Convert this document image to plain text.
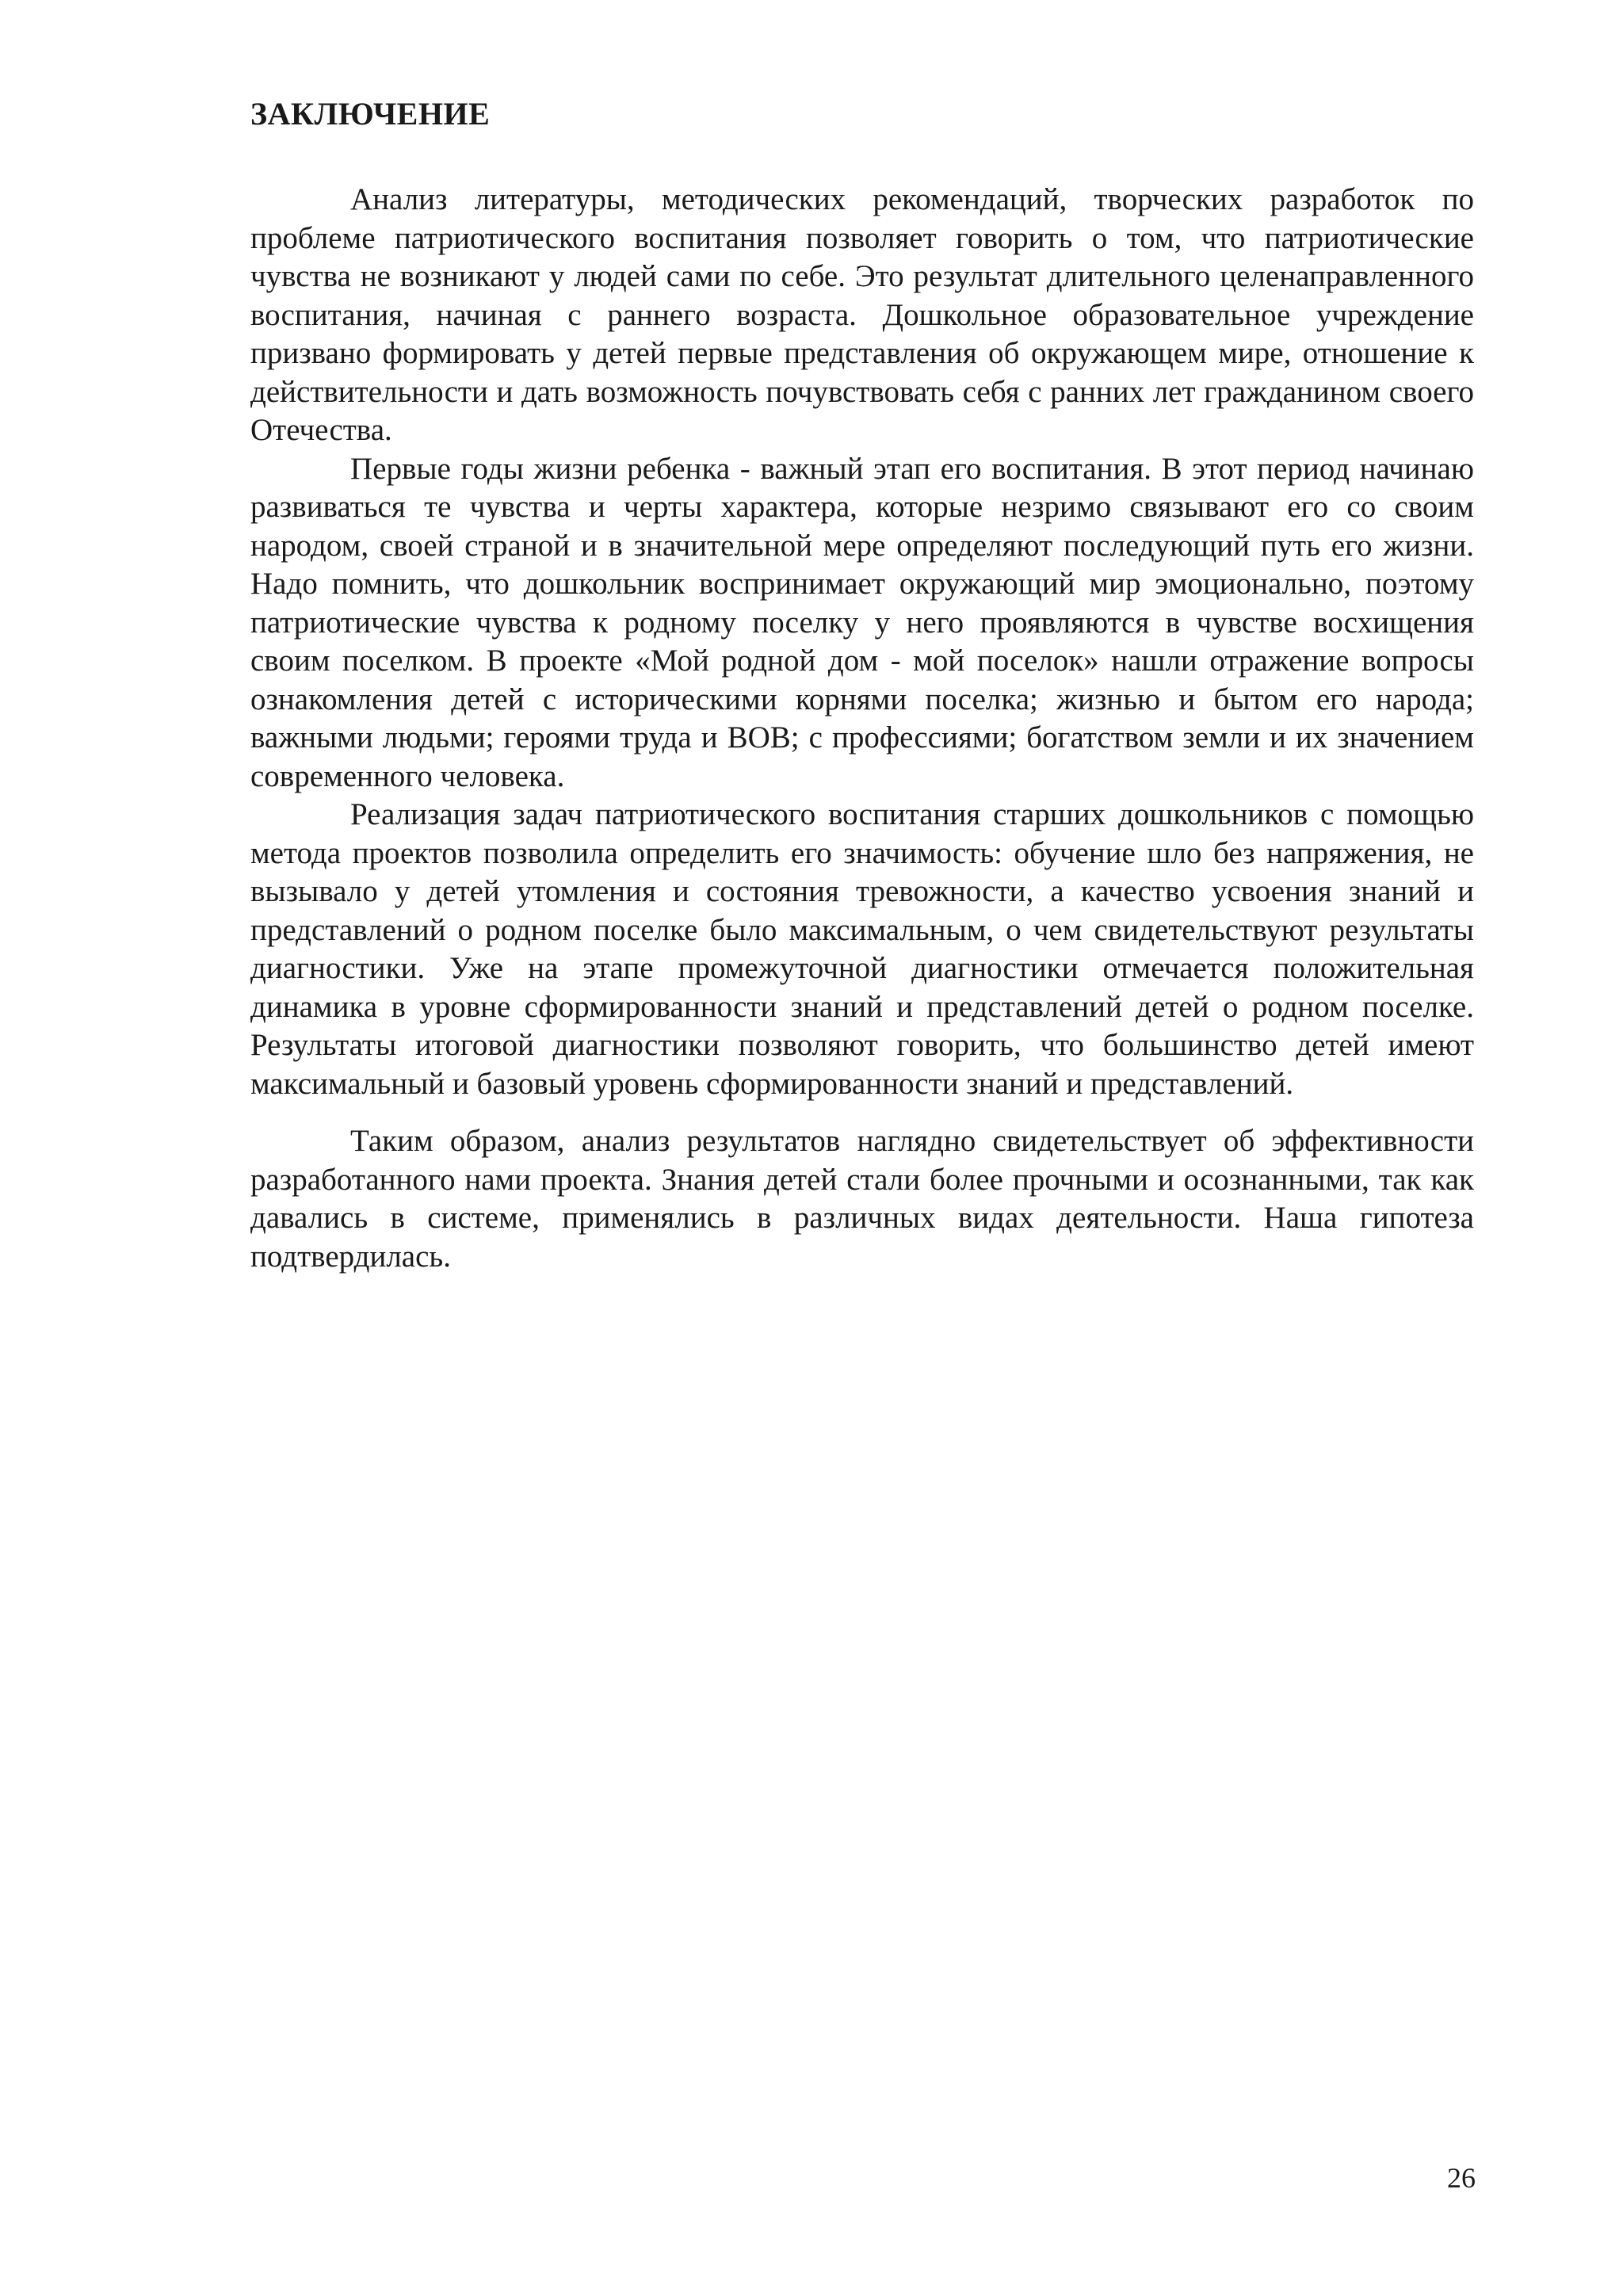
ЗАКЛЮЧЕНИЕ

Анализ литературы, методических рекомендаций, творческих разработок по проблеме патриотического воспитания позволяет говорить о том, что патриотические чувства не возникают у людей сами по себе. Это результат длительного целенаправленного воспитания, начиная с раннего возраста. Дошкольное образовательное учреждение призвано формировать у детей первые представления об окружающем мире, отношение к действительности и дать возможность почувствовать себя с ранних лет гражданином своего Отечества.

Первые годы жизни ребенка - важный этап его воспитания. В этот период начинаю развиваться те чувства и черты характера, которые незримо связывают его со своим народом, своей страной и в значительной мере определяют последующий путь его жизни. Надо помнить, что дошкольник воспринимает окружающий мир эмоционально, поэтому патриотические чувства к родному поселку у него проявляются в чувстве восхищения своим поселком. В проекте «Мой родной дом - мой поселок» нашли отражение вопросы ознакомления детей с историческими корнями поселка; жизнью и бытом его народа; важными людьми; героями труда и ВОВ; с профессиями; богатством земли и их значением современного человека.

Реализация задач патриотического воспитания старших дошкольников с помощью метода проектов позволила определить его значимость: обучение шло без напряжения, не вызывало у детей утомления и состояния тревожности, а качество усвоения знаний и представлений о родном поселке было максимальным, о чем свидетельствуют результаты диагностики. Уже на этапе промежуточной диагностики отмечается положительная динамика в уровне сформированности знаний и представлений детей о родном поселке. Результаты итоговой диагностики позволяют говорить, что большинство детей имеют максимальный и базовый уровень сформированности знаний и представлений.

Таким образом, анализ результатов наглядно свидетельствует об эффективности разработанного нами проекта. Знания детей стали более прочными и осознанными, так как давались в системе, применялись в различных видах деятельности. Наша гипотеза подтвердилась.

26
